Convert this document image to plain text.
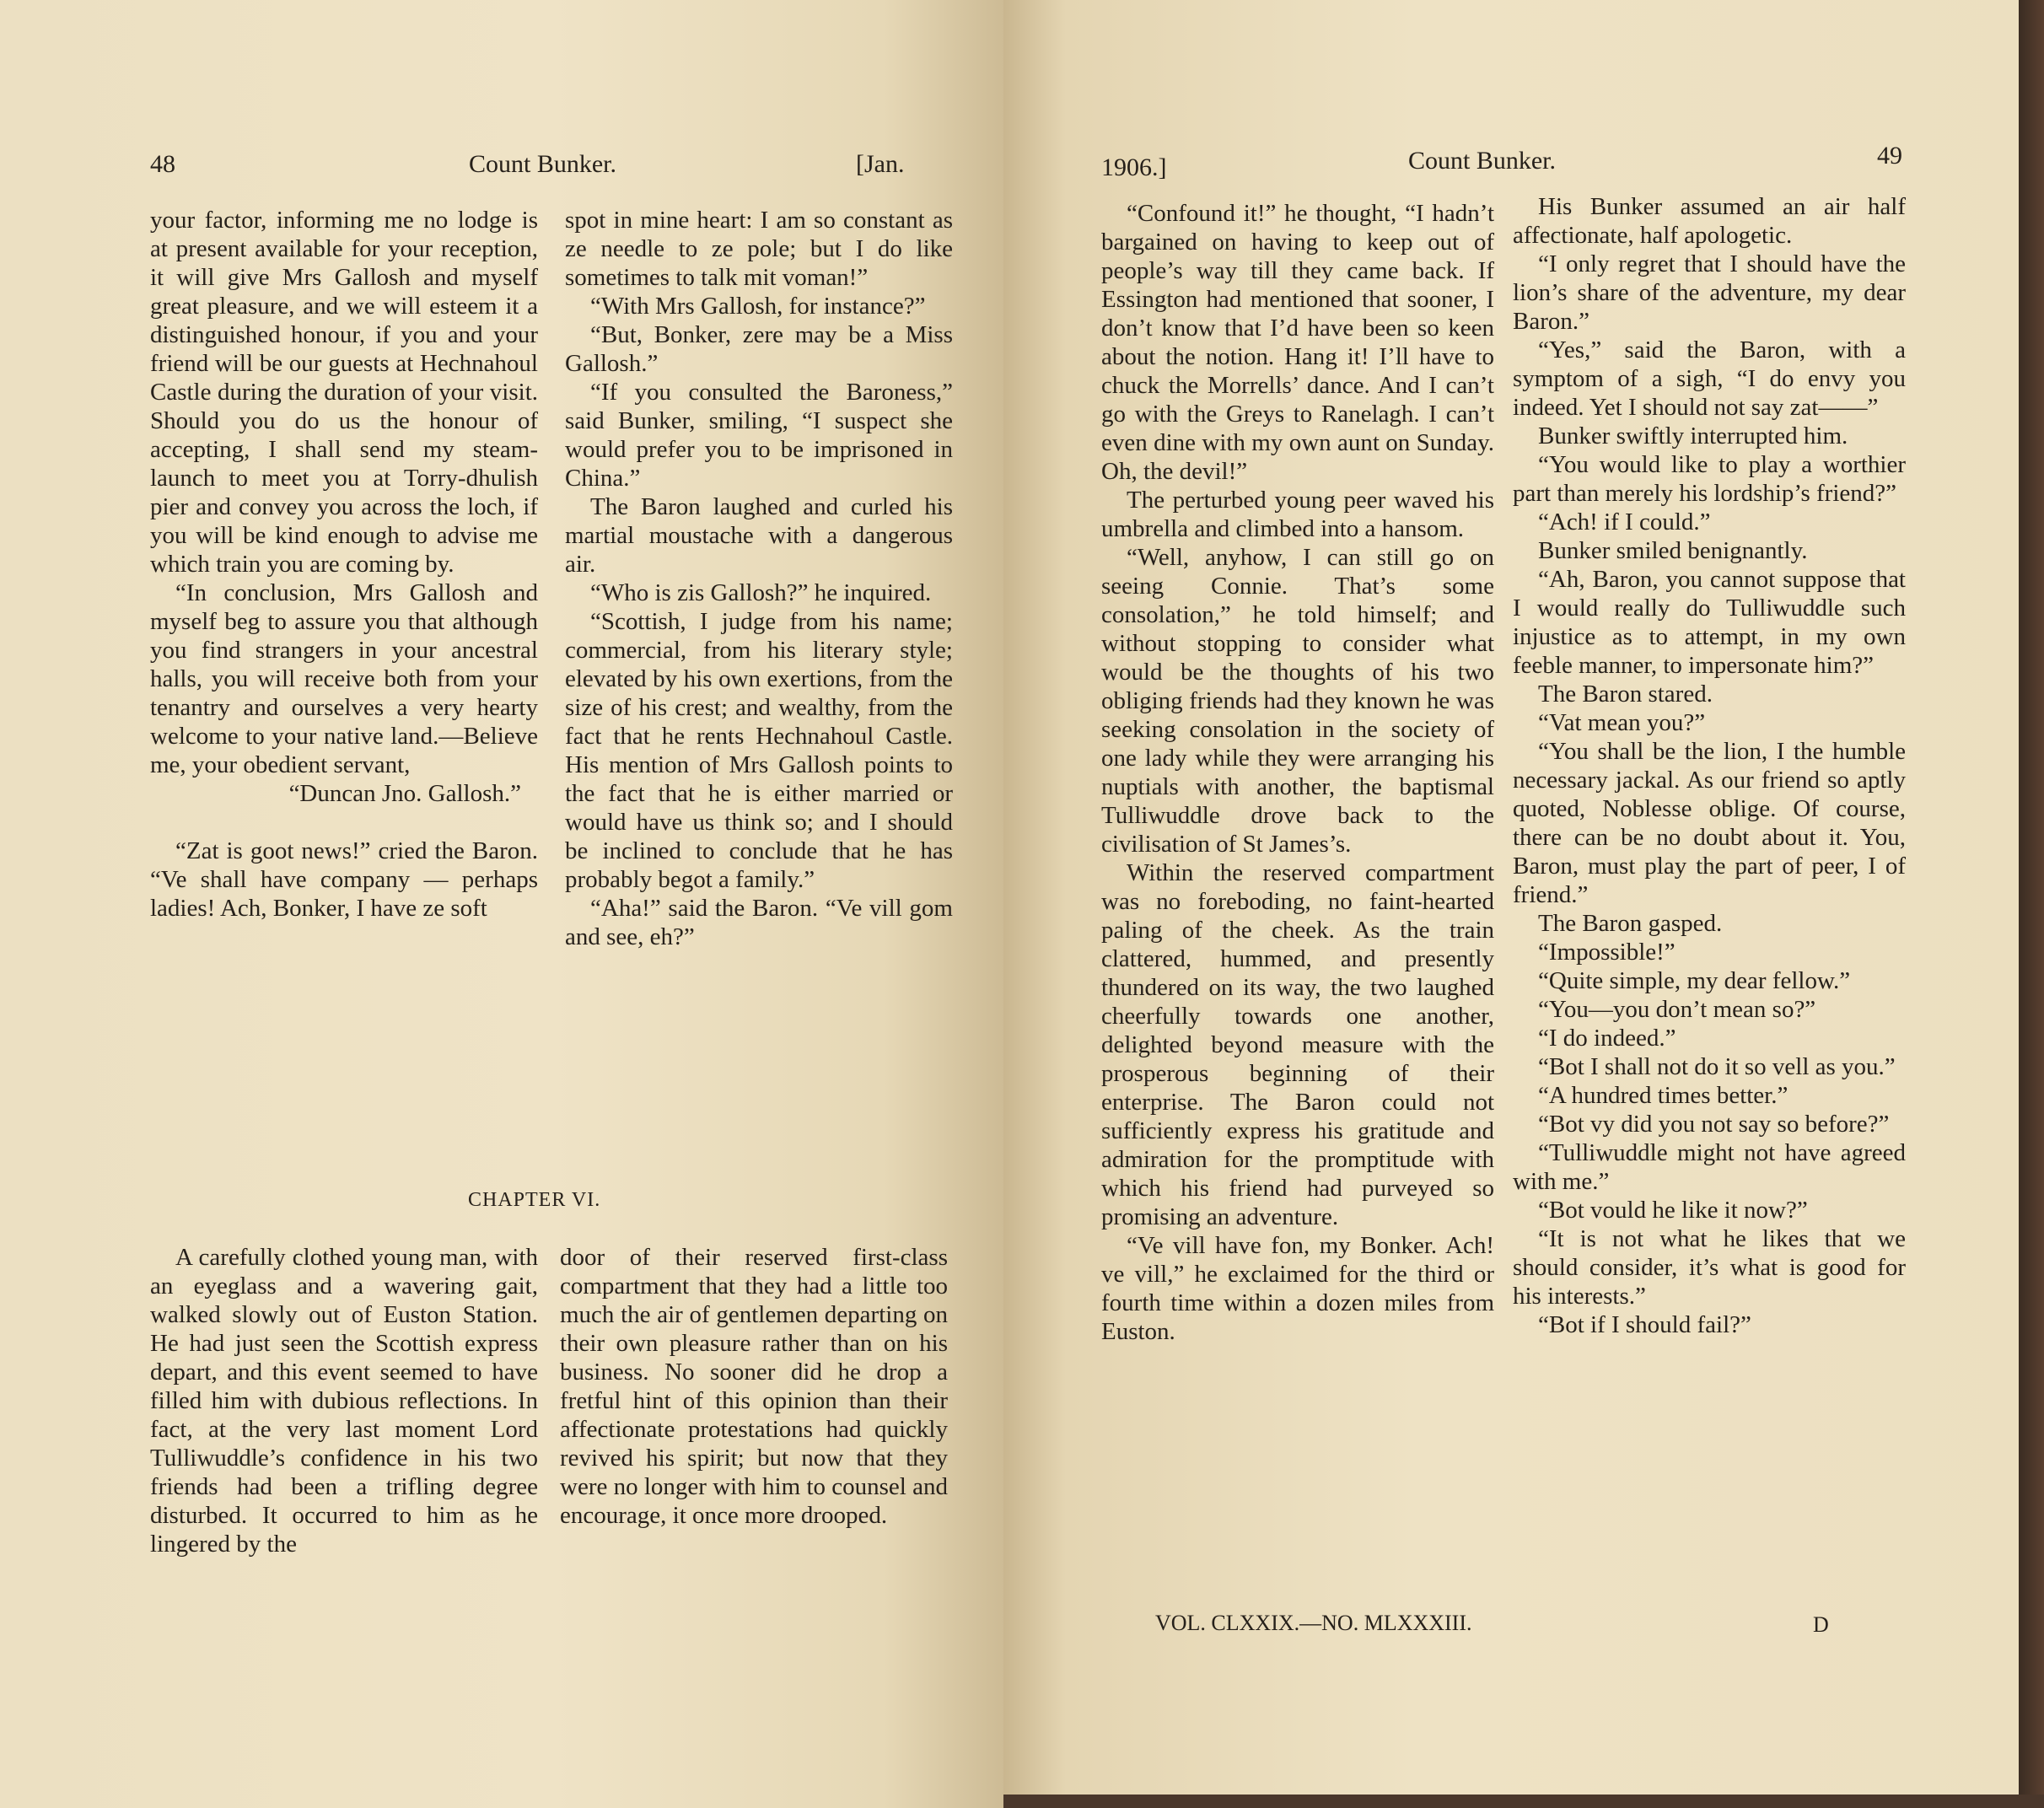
48	Count Bunker.	[Jan.

your factor, informing me no lodge is at present available for your reception, it will give Mrs Gallosh and myself great pleasure, and we will esteem it a distinguished honour, if you and your friend will be our guests at Hechnahoul Castle during the duration of your visit. Should you do us the honour of accepting, I shall send my steam-launch to meet you at Torry-dhulish pier and convey you across the loch, if you will be kind enough to advise me which train you are coming by.

“In conclusion, Mrs Gallosh and myself beg to assure you that although you find strangers in your ancestral halls, you will receive both from your tenantry and ourselves a very hearty welcome to your native land.—Believe me, your obedient servant,

“Duncan Jno. Gallosh.”

“Zat is goot news!” cried the Baron. “Ve shall have company — perhaps ladies! Ach, Bonker, I have ze soft

spot in mine heart: I am so constant as ze needle to ze pole; but I do like sometimes to talk mit voman!”

“With Mrs Gallosh, for instance?”

“But, Bonker, zere may be a Miss Gallosh.”

“If you consulted the Baroness,” said Bunker, smiling, “I suspect she would prefer you to be imprisoned in China.”

The Baron laughed and curled his martial moustache with a dangerous air.

“Who is zis Gallosh?” he inquired.

“Scottish, I judge from his name; commercial, from his literary style; elevated by his own exertions, from the size of his crest; and wealthy, from the fact that he rents Hechnahoul Castle. His mention of Mrs Gallosh points to the fact that he is either married or would have us think so; and I should be inclined to conclude that he has probably begot a family.”

“Aha!” said the Baron. “Ve vill gom and see, eh?”

CHAPTER VI.

A carefully clothed young man, with an eyeglass and a wavering gait, walked slowly out of Euston Station. He had just seen the Scottish express depart, and this event seemed to have filled him with dubious reflections. In fact, at the very last moment Lord Tulliwuddle’s confidence in his two friends had been a trifling degree disturbed. It occurred to him as he lingered by the

door of their reserved first-class compartment that they had a little too much the air of gentlemen departing on their own pleasure rather than on his business. No sooner did he drop a fretful hint of this opinion than their affectionate protestations had quickly revived his spirit; but now that they were no longer with him to counsel and encourage, it once more drooped.

1906.]	Count Bunker.	49

“Confound it!” he thought, “I hadn’t bargained on having to keep out of people’s way till they came back. If Essington had mentioned that sooner, I don’t know that I’d have been so keen about the notion. Hang it! I’ll have to chuck the Morrells’ dance. And I can’t go with the Greys to Ranelagh. I can’t even dine with my own aunt on Sunday. Oh, the devil!”

The perturbed young peer waved his umbrella and climbed into a hansom.

“Well, anyhow, I can still go on seeing Connie. That’s some consolation,” he told himself; and without stopping to consider what would be the thoughts of his two obliging friends had they known he was seeking consolation in the society of one lady while they were arranging his nuptials with another, the baptismal Tulliwuddle drove back to the civilisation of St James’s.

Within the reserved compartment was no foreboding, no faint-hearted paling of the cheek. As the train clattered, hummed, and presently thundered on its way, the two laughed cheerfully towards one another, delighted beyond measure with the prosperous beginning of their enterprise. The Baron could not sufficiently express his gratitude and admiration for the promptitude with which his friend had purveyed so promising an adventure.

“Ve vill have fon, my Bonker. Ach! ve vill,” he exclaimed for the third or fourth time within a dozen miles from Euston.

His Bunker assumed an air half affectionate, half apologetic.

“I only regret that I should have the lion’s share of the adventure, my dear Baron.”

“Yes,” said the Baron, with a symptom of a sigh, “I do envy you indeed. Yet I should not say zat——”

Bunker swiftly interrupted him.

“You would like to play a worthier part than merely his lordship’s friend?”

“Ach! if I could.”

Bunker smiled benignantly.

“Ah, Baron, you cannot suppose that I would really do Tulliwuddle such injustice as to attempt, in my own feeble manner, to impersonate him?”

The Baron stared.

“Vat mean you?”

“You shall be the lion, I the humble necessary jackal. As our friend so aptly quoted, Noblesse oblige. Of course, there can be no doubt about it. You, Baron, must play the part of peer, I of friend.”

The Baron gasped.

“Impossible!”

“Quite simple, my dear fellow.”

“You—you don’t mean so?”

“I do indeed.”

“Bot I shall not do it so vell as you.”

“A hundred times better.”

“Bot vy did you not say so before?”

“Tulliwuddle might not have agreed with me.”

“Bot vould he like it now?”

“It is not what he likes that we should consider, it’s what is good for his interests.”

“Bot if I should fail?”

VOL. CLXXIX.—NO. MLXXXIII.	D
